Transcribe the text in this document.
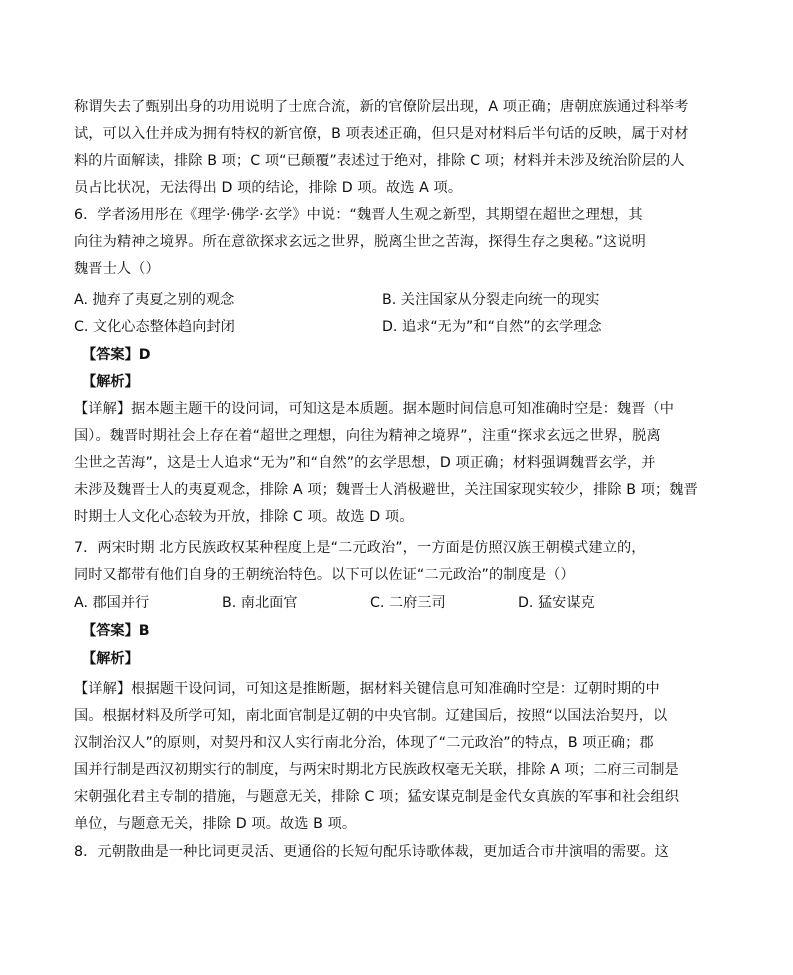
称谓失去了甄别出身的功用说明了士庶合流，新的官僚阶层出现，A 项正确；唐朝庶族通过科举考
试，可以入仕并成为拥有特权的新官僚，B 项表述正确，但只是对材料后半句话的反映，属于对材
料的片面解读，排除 B 项；C 项“已颠覆”表述过于绝对，排除 C 项；材料并未涉及统治阶层的人
员占比状况，无法得出 D 项的结论，排除 D 项。故选 A 项。
6．学者汤用彤在《理学·佛学·玄学》中说：“魏晋人生观之新型，其期望在超世之理想，其
向往为精神之境界。所在意欲探求玄远之世界，脱离尘世之苦海，探得生存之奥秘。”这说明
魏晋士人（）
A. 抛弃了夷夏之别的观念	B. 关注国家从分裂走向统一的现实
C. 文化心态整体趋向封闭	D. 追求“无为”和“自然”的玄学理念
【答案】D
【解析】
【详解】据本题主题干的设问词，可知这是本质题。据本题时间信息可知准确时空是：魏晋（中
国）。魏晋时期社会上存在着“超世之理想，向往为精神之境界”，注重“探求玄远之世界，脱离
尘世之苦海”，这是士人追求“无为”和“自然”的玄学思想，D 项正确；材料强调魏晋玄学，并
未涉及魏晋士人的夷夏观念，排除 A 项；魏晋士人消极避世，关注国家现实较少，排除 B 项；魏晋
时期士人文化心态较为开放，排除 C 项。故选 D 项。
7．两宋时期 北方民族政权某种程度上是“二元政治”，一方面是仿照汉族王朝模式建立的，
同时又都带有他们自身的王朝统治特色。以下可以佐证“二元政治”的制度是（）
A. 郡国并行	B. 南北面官	C. 二府三司	D. 猛安谋克
【答案】B
【解析】
【详解】根据题干设问词，可知这是推断题，据材料关键信息可知准确时空是：辽朝时期的中
国。根据材料及所学可知，南北面官制是辽朝的中央官制。辽建国后，按照“以国法治契丹，以
汉制治汉人”的原则，对契丹和汉人实行南北分治，体现了“二元政治”的特点，B 项正确；郡
国并行制是西汉初期实行的制度，与两宋时期北方民族政权毫无关联，排除 A 项；二府三司制是
宋朝强化君主专制的措施，与题意无关，排除 C 项；猛安谋克制是金代女真族的军事和社会组织
单位，与题意无关，排除 D 项。故选 B 项。
8．元朝散曲是一种比词更灵活、更通俗的长短句配乐诗歌体裁，更加适合市井演唱的需要。这
